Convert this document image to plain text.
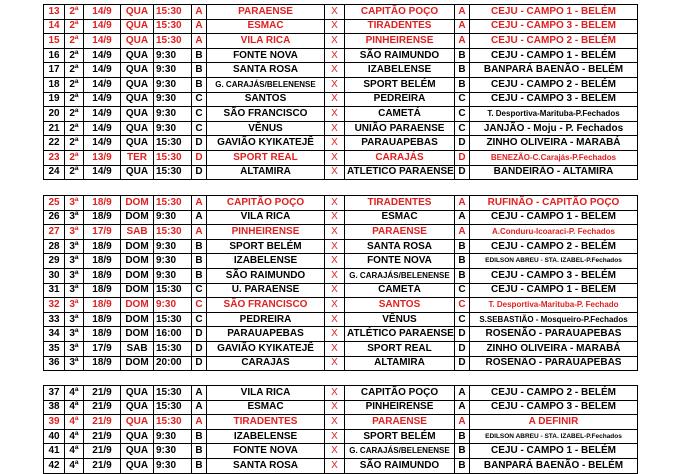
13	2ª	14/9	QUA	15:30	A	PARAENSE	X	CAPITÃO POÇO	A	CEJU - CAMPO 1 - BELÉM
14	2ª	14/9	QUA	15:30	A	ESMAC	X	TIRADENTES	A	CEJU - CAMPO 3 - BELÉM
15	2ª	14/9	QUA	15:30	A	VILA RICA	X	PINHEIRENSE	A	CEJU - CAMPO 2 - BELÉM
16	2ª	14/9	QUA	9:30	B	FONTE NOVA	X	SÃO RAIMUNDO	B	CEJU - CAMPO 1 - BELÉM
17	2ª	14/9	QUA	9:30	B	SANTA ROSA	X	IZABELENSE	B	BANPARÁ BAENÃO - BELÉM
18	2ª	14/9	QUA	9:30	B	G. CARAJÁS/BELENENSE	X	SPORT BELÉM	B	CEJU - CAMPO 2 - BELÉM
19	2ª	14/9	QUA	9:30	C	SANTOS	X	PEDREIRA	C	CEJU - CAMPO 3 - BELÉM
20	2ª	14/9	QUA	9:30	C	SÃO FRANCISCO	X	CAMETÁ	C	T. Desportiva-Marituba-P.Fechados
21	2ª	14/9	QUA	9:30	C	VÊNUS	X	UNIÃO PARAENSE	C	JANJÃO - Moju - P. Fechados
22	2ª	14/9	QUA	15:30	D	GAVIÃO KYIKATEJÊ	X	PARAUAPEBAS	D	ZINHO OLIVEIRA - MARABÁ
23	2ª	13/9	TER	15:30	D	SPORT REAL	X	CARAJÁS	D	BENEZÃO-C.Carajás-P.Fechados
24	2ª	14/9	QUA	15:30	D	ALTAMIRA	X	ATLÉTICO PARAENSE	D	BANDEIRÃO - ALTAMIRA
25	3ª	18/9	DOM	15:30	A	CAPITÃO POÇO	X	TIRADENTES	A	RUFINÃO - CAPITÃO POÇO
26	3ª	18/9	DOM	9:30	A	VILA RICA	X	ESMAC	A	CEJU - CAMPO 1 - BELÉM
27	3ª	17/9	SAB	15:30	A	PINHEIRENSE	X	PARAENSE	A	A.Conduru-Icoaraci-P. Fechados
28	3ª	18/9	DOM	9:30	B	SPORT BELÉM	X	SANTA ROSA	B	CEJU - CAMPO 2 - BELÉM
29	3ª	18/9	DOM	9:30	B	IZABELENSE	X	FONTE NOVA	B	EDILSON ABREU - STA. IZABEL-P.Fechados
30	3ª	18/9	DOM	9:30	B	SÃO RAIMUNDO	X	G. CARAJÁS/BELENENSE	B	CEJU - CAMPO 3 - BELÉM
31	3ª	18/9	DOM	15:30	C	U. PARAENSE	X	CAMETÁ	C	CEJU - CAMPO 1 - BELÉM
32	3ª	18/9	DOM	9:30	C	SÃO FRANCISCO	X	SANTOS	C	T. Desportiva-Marituba-P. Fechado
33	3ª	18/9	DOM	15:30	C	PEDREIRA	X	VÊNUS	C	S.SEBASTIÃO - Mosqueiro-P.Fechados
34	3ª	18/9	DOM	16:00	D	PARAUAPEBAS	X	ATLÉTICO PARAENSE	D	ROSENÃO - PARAUAPEBAS
35	3ª	17/9	SAB	15:30	D	GAVIÃO KYIKATEJÊ	X	SPORT REAL	D	ZINHO OLIVEIRA - MARABÁ
36	3ª	18/9	DOM	20:00	D	CARAJÁS	X	ALTAMIRA	D	ROSENÃO - PARAUAPEBAS
37	4ª	21/9	QUA	15:30	A	VILA RICA	X	CAPITÃO POÇO	A	CEJU - CAMPO 2 - BELÉM
38	4ª	21/9	QUA	15:30	A	ESMAC	X	PINHEIRENSE	A	CEJU - CAMPO 3 - BELÉM
39	4ª	21/9	QUA	15:30	A	TIRADENTES	X	PARAENSE	A	A DEFINIR
40	4ª	21/9	QUA	9:30	B	IZABELENSE	X	SPORT BELÉM	B	EDILSON ABREU - STA. IZABEL-P.Fechados
41	4ª	21/9	QUA	9:30	B	FONTE NOVA	X	G. CARAJÁS/BELENENSE	B	CEJU - CAMPO 1 - BELÉM
42	4ª	21/9	QUA	9:30	B	SANTA ROSA	X	SÃO RAIMUNDO	B	BANPARÁ BAENÃO - BELÉM
